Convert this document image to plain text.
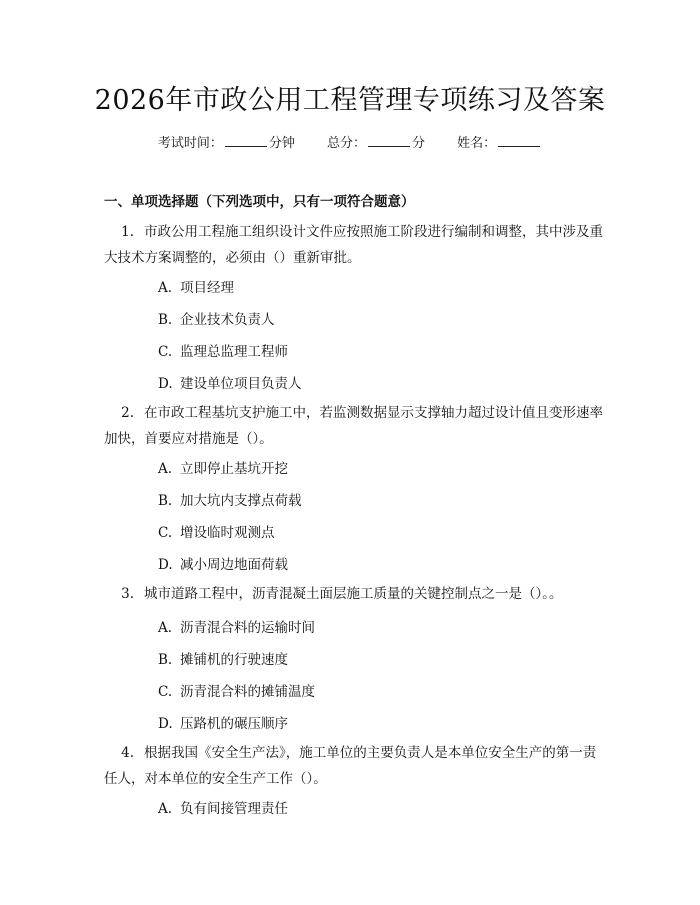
2026年市政公用工程管理专项练习及答案
考试时间：	分钟 总分：	分 姓名：
一、单项选择题（下列选项中，只有一项符合题意）
1. 市政公用工程施工组织设计文件应按照施工阶段进行编制和调整，其中涉及重大技术方案调整的，必须由（）重新审批。
A. 项目经理
B. 企业技术负责人
C. 监理总监理工程师
D. 建设单位项目负责人
2. 在市政工程基坑支护施工中，若监测数据显示支撑轴力超过设计值且变形速率加快，首要应对措施是（）。
A. 立即停止基坑开挖
B. 加大坑内支撑点荷载
C. 增设临时观测点
D. 减小周边地面荷载
3. 城市道路工程中，沥青混凝土面层施工质量的关键控制点之一是（）。。
A. 沥青混合料的运输时间
B. 摊铺机的行驶速度
C. 沥青混合料的摊铺温度
D. 压路机的碾压顺序
4. 根据我国《安全生产法》，施工单位的主要负责人是本单位安全生产的第一责任人，对本单位的安全生产工作（）。
A. 负有间接管理责任
